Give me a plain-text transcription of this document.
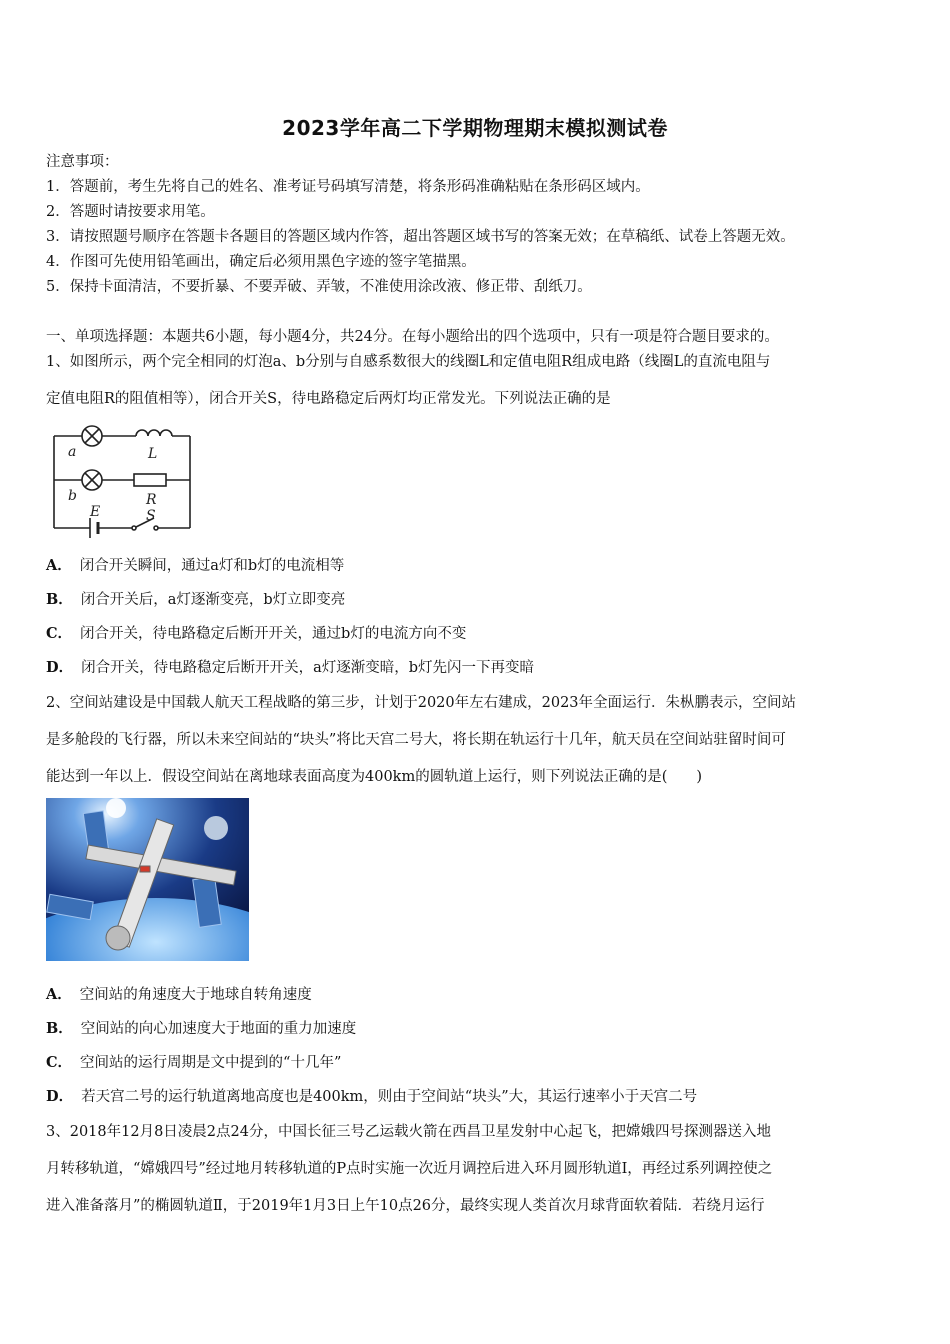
2023学年高二下学期物理期末模拟测试卷
注意事项：
1．答题前，考生先将自己的姓名、准考证号码填写清楚，将条形码准确粘贴在条形码区域内。
2．答题时请按要求用笔。
3．请按照题号顺序在答题卡各题目的答题区域内作答，超出答题区域书写的答案无效；在草稿纸、试卷上答题无效。
4．作图可先使用铅笔画出，确定后必须用黑色字迹的签字笔描黑。
5．保持卡面清洁，不要折暴、不要弄破、弄皱，不准使用涂改液、修正带、刮纸刀。
一、单项选择题：本题共6小题，每小题4分，共24分。在每小题给出的四个选项中，只有一项是符合题目要求的。
1、如图所示，两个完全相同的灯泡a、b分别与自感系数很大的线圈L和定值电阻R组成电路（线圈L的直流电阻与
定值电阻R的阻值相等），闭合开关S，待电路稳定后两灯均正常发光。下列说法正确的是
a	L
b	R
E	S
A． 闭合开关瞬间，通过a灯和b灯的电流相等
B． 闭合开关后，a灯逐渐变亮，b灯立即变亮
C． 闭合开关，待电路稳定后断开开关，通过b灯的电流方向不变
D． 闭合开关，待电路稳定后断开开关，a灯逐渐变暗，b灯先闪一下再变暗
2、空间站建设是中国载人航天工程战略的第三步，计划于2020年左右建成，2023年全面运行．朱枞鹏表示，空间站
是多舱段的飞行器，所以未来空间站的“块头”将比天宫二号大，将长期在轨运行十几年，航天员在空间站驻留时间可
能达到一年以上．假设空间站在离地球表面高度为400km的圆轨道上运行，则下列说法正确的是(　　)
A． 空间站的角速度大于地球自转角速度
B． 空间站的向心加速度大于地面的重力加速度
C． 空间站的运行周期是文中提到的“十几年”
D． 若天宫二号的运行轨道离地高度也是400km，则由于空间站“块头”大，其运行速率小于天宫二号
3、2018年12月8日凌晨2点24分，中国长征三号乙运载火箭在西昌卫星发射中心起飞，把嫦娥四号探测器送入地
月转移轨道，“嫦娥四号”经过地月转移轨道的P点时实施一次近月调控后进入环月圆形轨道I，再经过系列调控使之
进入准备落月”的椭圆轨道Ⅱ，于2019年1月3日上午10点26分，最终实现人类首次月球背面软着陆．若绕月运行
